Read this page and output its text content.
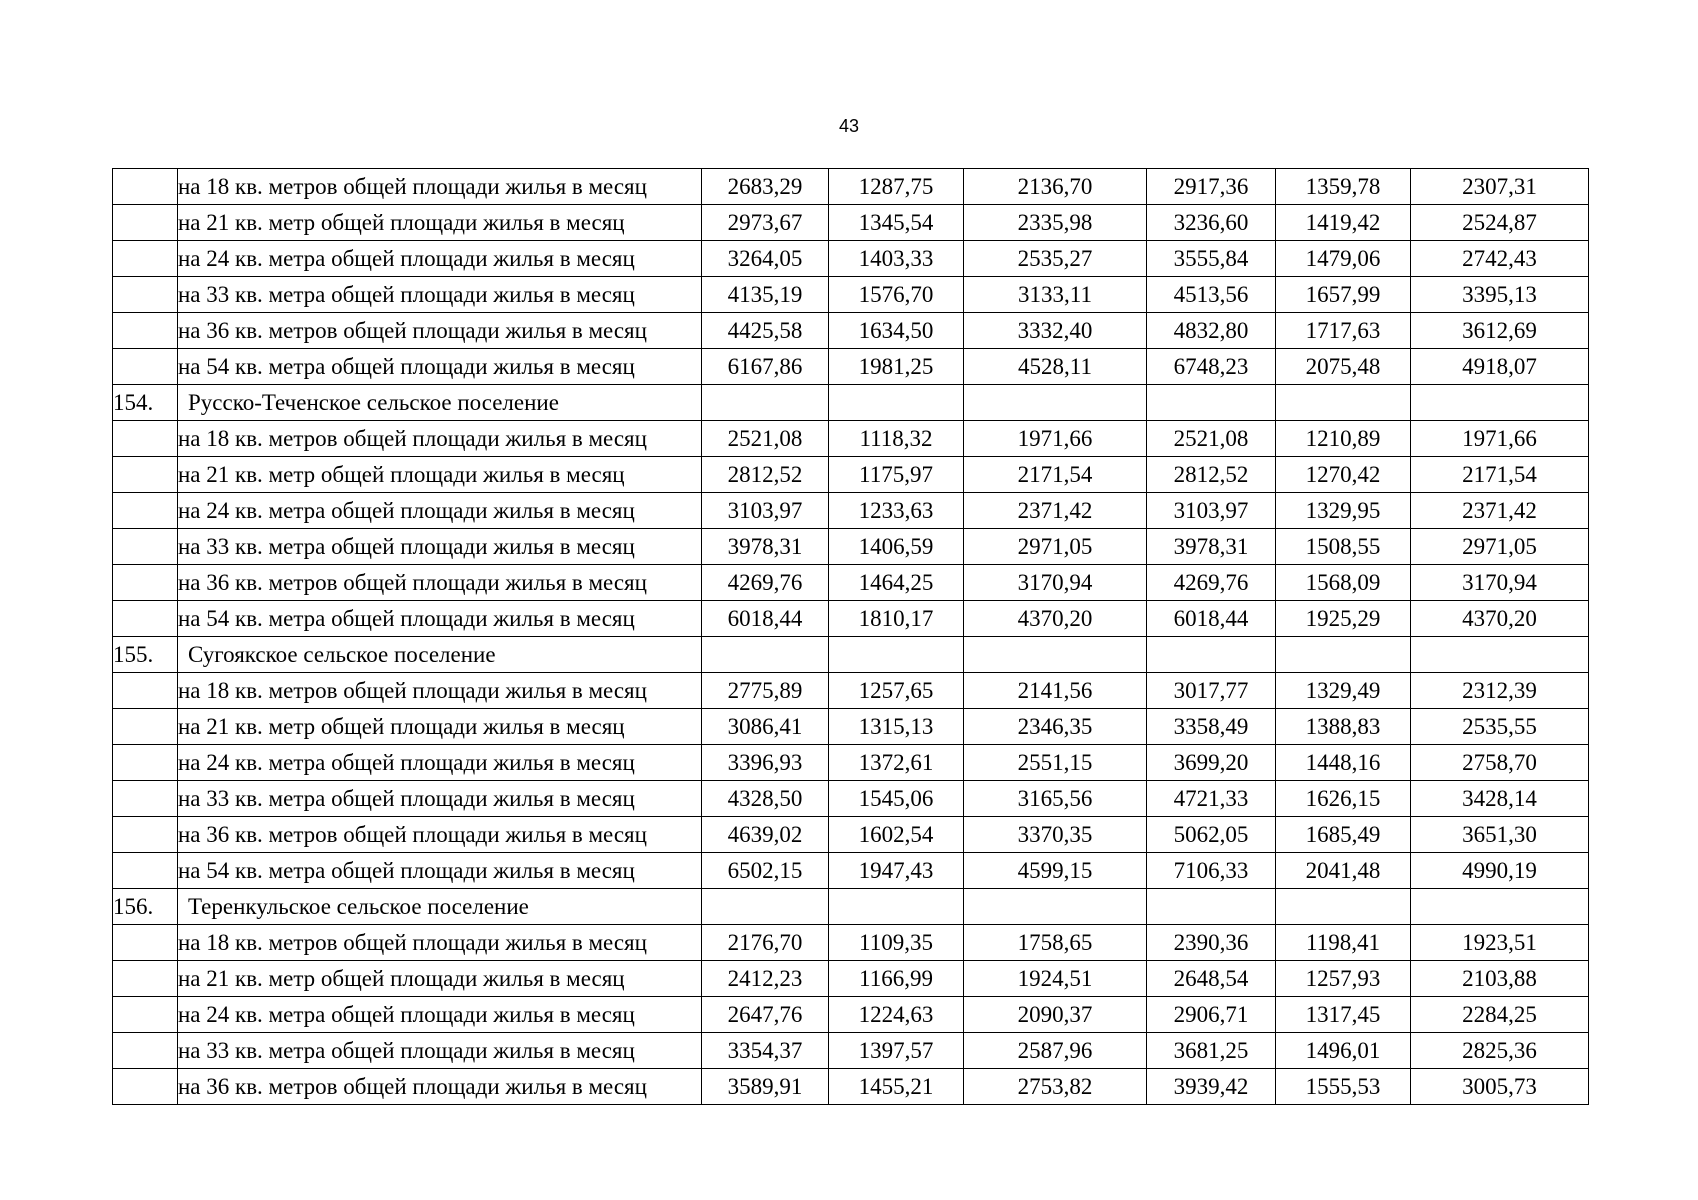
43
	на 18 кв. метров общей площади жилья в месяц	2683,29	1287,75	2136,70	2917,36	1359,78	2307,31
	на 21 кв. метр общей площади жилья в месяц	2973,67	1345,54	2335,98	3236,60	1419,42	2524,87
	на 24 кв. метра общей площади жилья в месяц	3264,05	1403,33	2535,27	3555,84	1479,06	2742,43
	на 33 кв. метра общей площади жилья в месяц	4135,19	1576,70	3133,11	4513,56	1657,99	3395,13
	на 36 кв. метров общей площади жилья в месяц	4425,58	1634,50	3332,40	4832,80	1717,63	3612,69
	на 54 кв. метра общей площади жилья в месяц	6167,86	1981,25	4528,11	6748,23	2075,48	4918,07
154.	Русско-Теченское сельское поселение						
	на 18 кв. метров общей площади жилья в месяц	2521,08	1118,32	1971,66	2521,08	1210,89	1971,66
	на 21 кв. метр общей площади жилья в месяц	2812,52	1175,97	2171,54	2812,52	1270,42	2171,54
	на 24 кв. метра общей площади жилья в месяц	3103,97	1233,63	2371,42	3103,97	1329,95	2371,42
	на 33 кв. метра общей площади жилья в месяц	3978,31	1406,59	2971,05	3978,31	1508,55	2971,05
	на 36 кв. метров общей площади жилья в месяц	4269,76	1464,25	3170,94	4269,76	1568,09	3170,94
	на 54 кв. метра общей площади жилья в месяц	6018,44	1810,17	4370,20	6018,44	1925,29	4370,20
155.	Сугоякское сельское поселение						
	на 18 кв. метров общей площади жилья в месяц	2775,89	1257,65	2141,56	3017,77	1329,49	2312,39
	на 21 кв. метр общей площади жилья в месяц	3086,41	1315,13	2346,35	3358,49	1388,83	2535,55
	на 24 кв. метра общей площади жилья в месяц	3396,93	1372,61	2551,15	3699,20	1448,16	2758,70
	на 33 кв. метра общей площади жилья в месяц	4328,50	1545,06	3165,56	4721,33	1626,15	3428,14
	на 36 кв. метров общей площади жилья в месяц	4639,02	1602,54	3370,35	5062,05	1685,49	3651,30
	на 54 кв. метра общей площади жилья в месяц	6502,15	1947,43	4599,15	7106,33	2041,48	4990,19
156.	Теренкульское сельское поселение						
	на 18 кв. метров общей площади жилья в месяц	2176,70	1109,35	1758,65	2390,36	1198,41	1923,51
	на 21 кв. метр общей площади жилья в месяц	2412,23	1166,99	1924,51	2648,54	1257,93	2103,88
	на 24 кв. метра общей площади жилья в месяц	2647,76	1224,63	2090,37	2906,71	1317,45	2284,25
	на 33 кв. метра общей площади жилья в месяц	3354,37	1397,57	2587,96	3681,25	1496,01	2825,36
	на 36 кв. метров общей площади жилья в месяц	3589,91	1455,21	2753,82	3939,42	1555,53	3005,73
